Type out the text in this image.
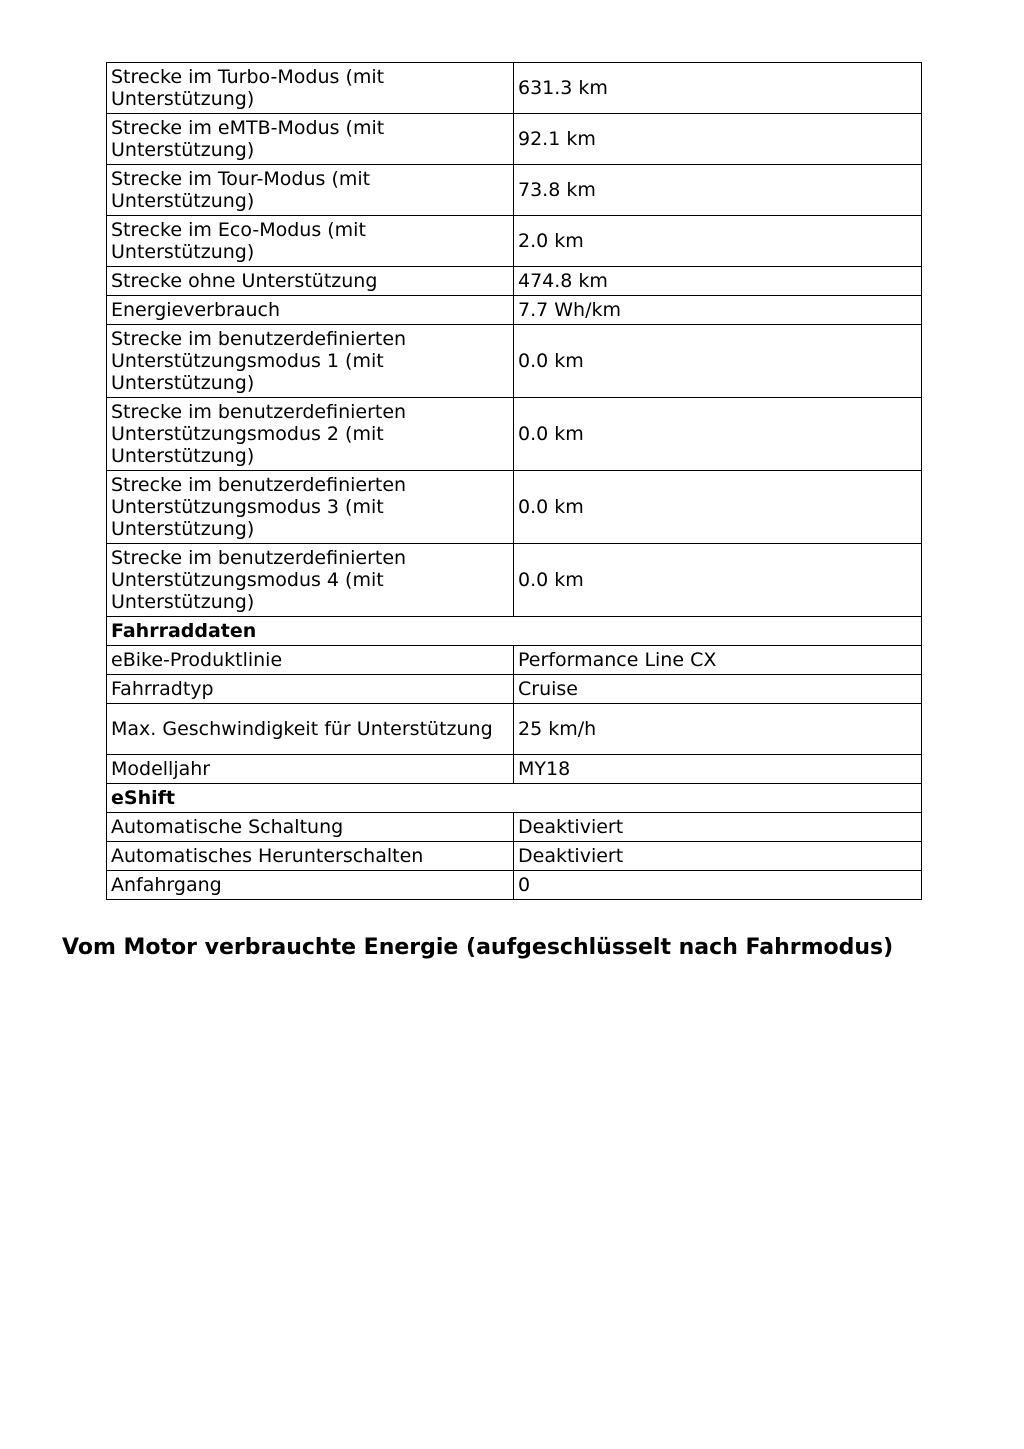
Strecke im Turbo-Modus (mit Unterstützung)	631.3 km
Strecke im eMTB-Modus (mit Unterstützung)	92.1 km
Strecke im Tour-Modus (mit Unterstützung)	73.8 km
Strecke im Eco-Modus (mit Unterstützung)	2.0 km
Strecke ohne Unterstützung	474.8 km
Energieverbrauch	7.7 Wh/km
Strecke im benutzerdefinierten Unterstützungsmodus 1 (mit Unterstützung)	0.0 km
Strecke im benutzerdefinierten Unterstützungsmodus 2 (mit Unterstützung)	0.0 km
Strecke im benutzerdefinierten Unterstützungsmodus 3 (mit Unterstützung)	0.0 km
Strecke im benutzerdefinierten Unterstützungsmodus 4 (mit Unterstützung)	0.0 km
Fahrraddaten	
eBike-Produktlinie	Performance Line CX
Fahrradtyp	Cruise
Max. Geschwindigkeit für Unterstützung	25 km/h
Modelljahr	MY18
eShift	
Automatische Schaltung	Deaktiviert
Automatisches Herunterschalten	Deaktiviert
Anfahrgang	0
Vom Motor verbrauchte Energie (aufgeschlüsselt nach Fahrmodus)
